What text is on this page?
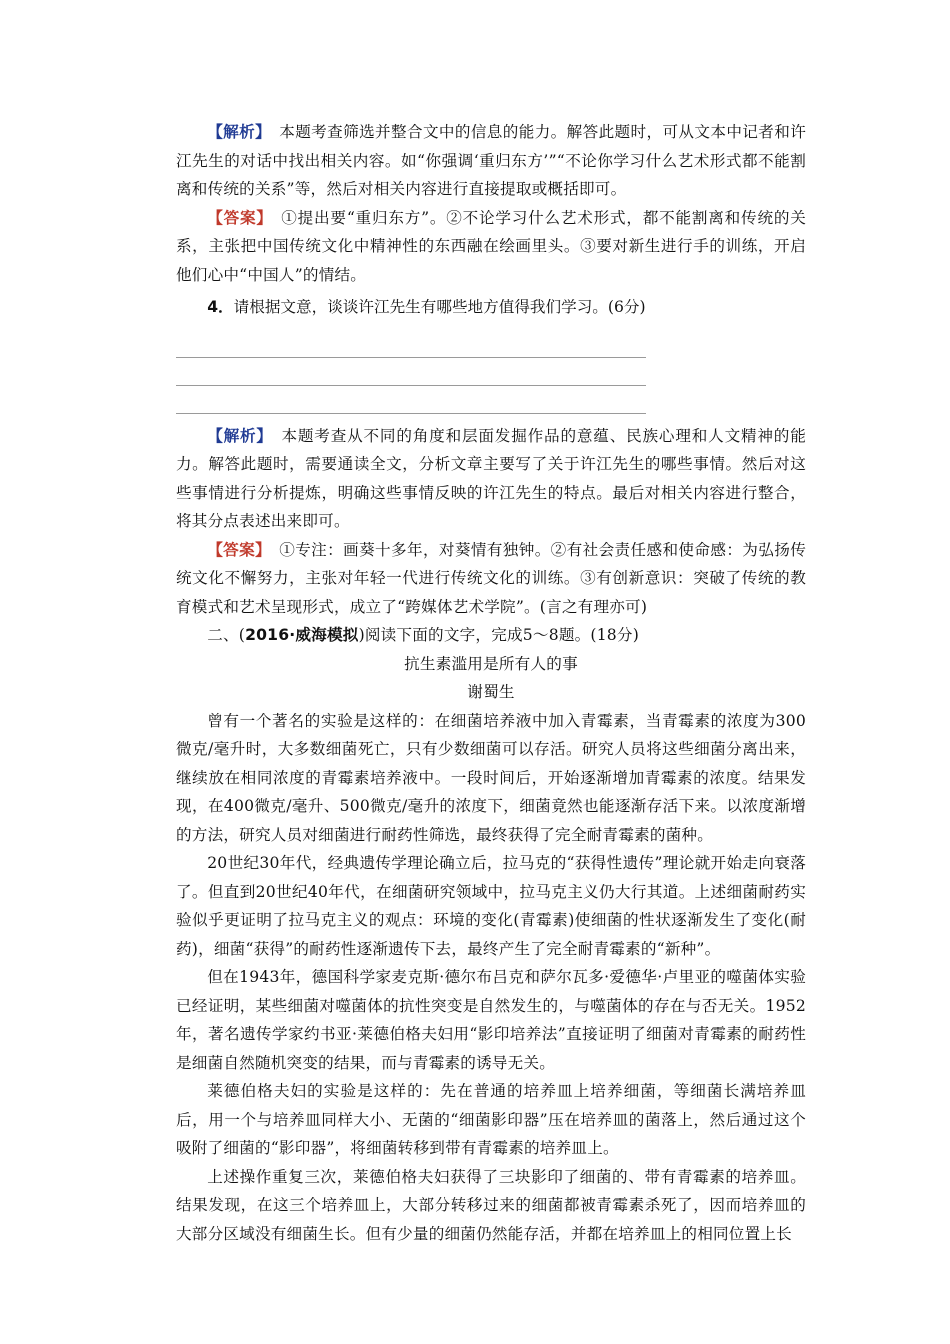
【解析】　 本题考查筛选并整合文中的信息的能力。解答此题时，可从文本中记者和许江先生的对话中找出相关内容。如“你强调‘重归东方’”“不论你学习什么艺术形式都不能割离和传统的关系”等，然后对相关内容进行直接提取或概括即可。

【答案】　 ①提出要“重归东方”。②不论学习什么艺术形式，都不能割离和传统的关系，主张把中国传统文化中精神性的东西融在绘画里头。③要对新生进行手的训练，开启他们心中“中国人”的情结。

4．请根据文意，谈谈许江先生有哪些地方值得我们学习。(6分)

【解析】　 本题考查从不同的角度和层面发掘作品的意蕴、民族心理和人文精神的能力。解答此题时，需要通读全文，分析文章主要写了关于许江先生的哪些事情。然后对这些事情进行分析提炼，明确这些事情反映的许江先生的特点。最后对相关内容进行整合，将其分点表述出来即可。

【答案】　 ①专注：画葵十多年，对葵情有独钟。②有社会责任感和使命感：为弘扬传统文化不懈努力，主张对年轻一代进行传统文化的训练。③有创新意识：突破了传统的教育模式和艺术呈现形式，成立了“跨媒体艺术学院”。(言之有理亦可)

二、(2016·威海模拟)阅读下面的文字，完成5～8题。(18分)

抗生素滥用是所有人的事

谢蜀生

曾有一个著名的实验是这样的：在细菌培养液中加入青霉素，当青霉素的浓度为300微克/毫升时，大多数细菌死亡，只有少数细菌可以存活。研究人员将这些细菌分离出来，继续放在相同浓度的青霉素培养液中。一段时间后，开始逐渐增加青霉素的浓度。结果发现，在400微克/毫升、500微克/毫升的浓度下，细菌竟然也能逐渐存活下来。以浓度渐增的方法，研究人员对细菌进行耐药性筛选，最终获得了完全耐青霉素的菌种。

20世纪30年代，经典遗传学理论确立后，拉马克的“获得性遗传”理论就开始走向衰落了。但直到20世纪40年代，在细菌研究领域中，拉马克主义仍大行其道。上述细菌耐药实验似乎更证明了拉马克主义的观点：环境的变化(青霉素)使细菌的性状逐渐发生了变化(耐药)，细菌“获得”的耐药性逐渐遗传下去，最终产生了完全耐青霉素的“新种”。

但在1943年，德国科学家麦克斯·德尔布吕克和萨尔瓦多·爱德华·卢里亚的噬菌体实验已经证明，某些细菌对噬菌体的抗性突变是自然发生的，与噬菌体的存在与否无关。1952年，著名遗传学家约书亚·莱德伯格夫妇用“影印培养法”直接证明了细菌对青霉素的耐药性是细菌自然随机突变的结果，而与青霉素的诱导无关。

莱德伯格夫妇的实验是这样的：先在普通的培养皿上培养细菌，等细菌长满培养皿后，用一个与培养皿同样大小、无菌的“细菌影印器”压在培养皿的菌落上，然后通过这个吸附了细菌的“影印器”，将细菌转移到带有青霉素的培养皿上。

上述操作重复三次，莱德伯格夫妇获得了三块影印了细菌的、带有青霉素的培养皿。结果发现，在这三个培养皿上，大部分转移过来的细菌都被青霉素杀死了，因而培养皿的大部分区域没有细菌生长。但有少量的细菌仍然能存活，并都在培养皿上的相同位置上长
